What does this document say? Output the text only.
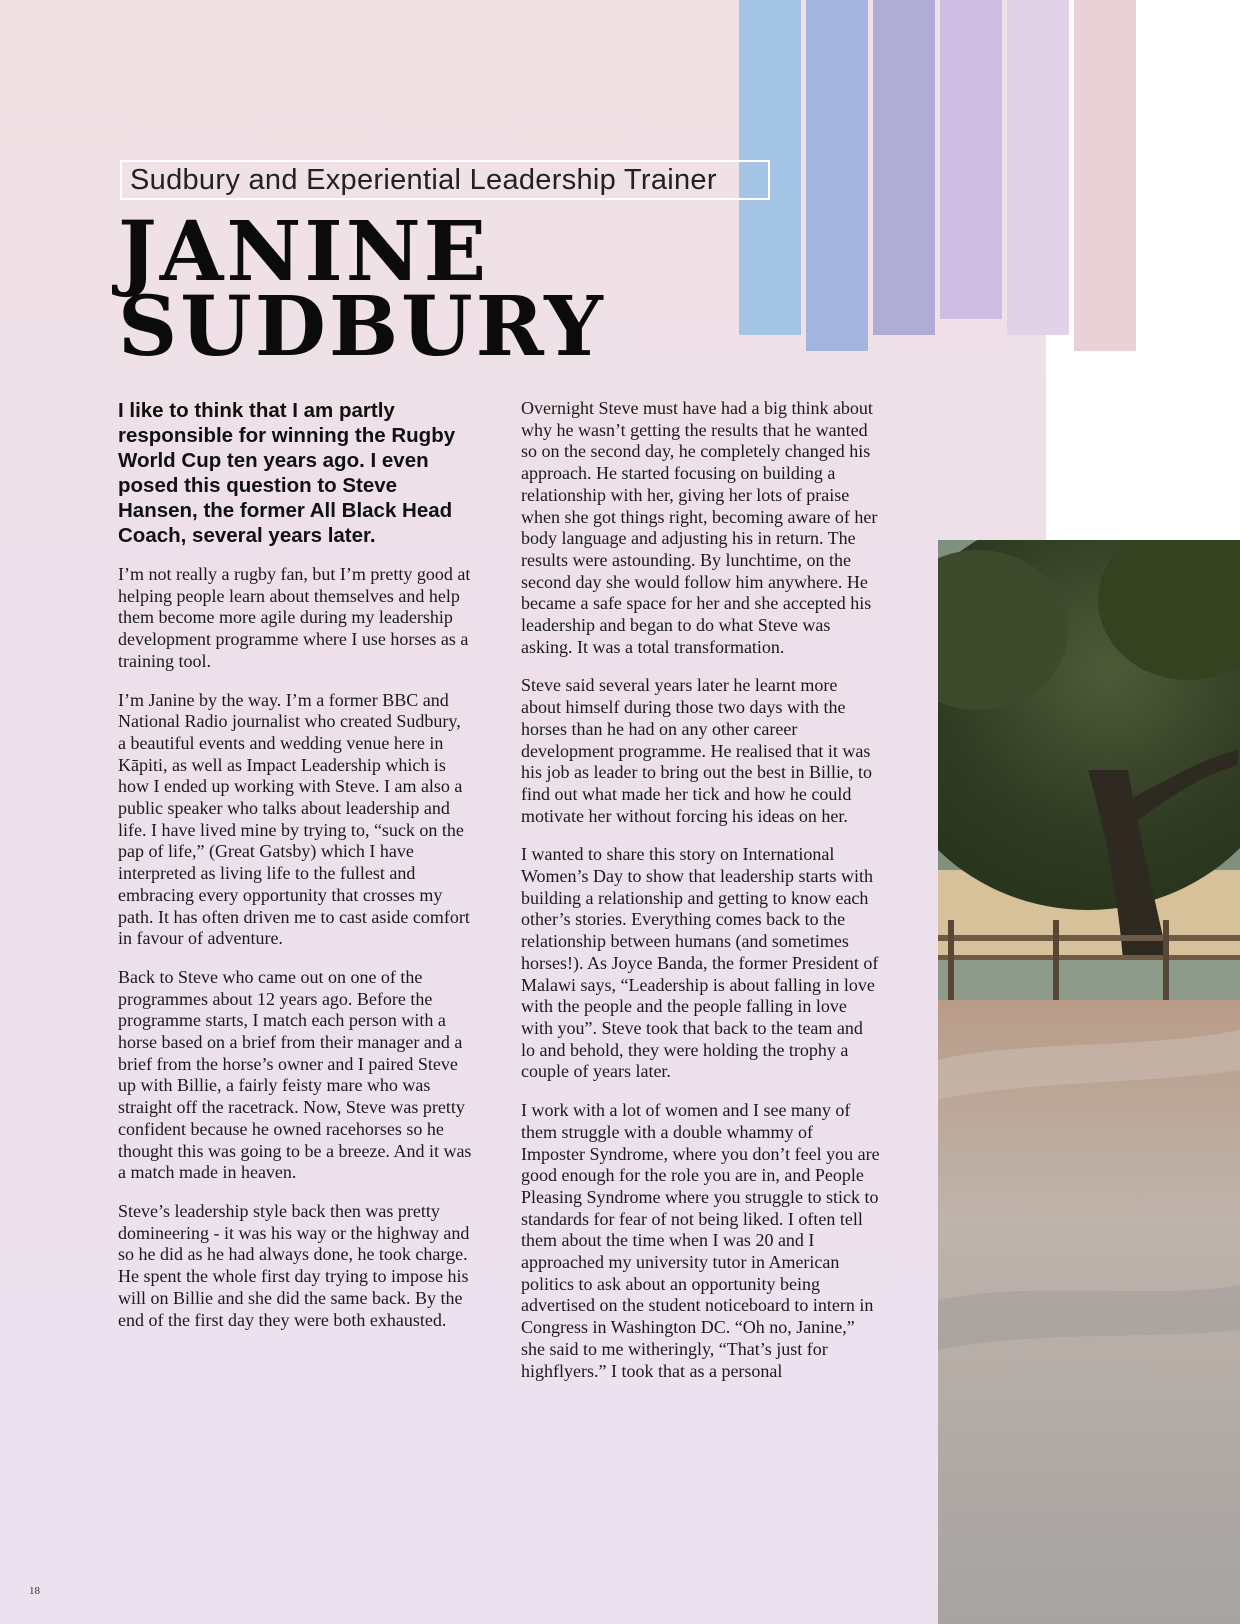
Sudbury and Experiential Leadership Trainer
JANINE
SUDBURY

I like to think that I am partly responsible for winning the Rugby World Cup ten years ago. I even posed this question to Steve Hansen, the former All Black Head Coach, several years later.

I’m not really a rugby fan, but I’m pretty good at helping people learn about themselves and help them become more agile during my leadership development programme where I use horses as a training tool.

I’m Janine by the way. I’m a former BBC and National Radio journalist who created Sudbury, a beautiful events and wedding venue here in Kāpiti, as well as Impact Leadership which is how I ended up working with Steve. I am also a public speaker who talks about leadership and life. I have lived mine by trying to, “suck on the pap of life,” (Great Gatsby) which I have interpreted as living life to the fullest and embracing every opportunity that crosses my path. It has often driven me to cast aside comfort in favour of adventure.

Back to Steve who came out on one of the programmes about 12 years ago. Before the programme starts, I match each person with a horse based on a brief from their manager and a brief from the horse’s owner and I paired Steve up with Billie, a fairly feisty mare who was straight off the racetrack. Now, Steve was pretty confident because he owned racehorses so he thought this was going to be a breeze. And it was a match made in heaven.

Steve’s leadership style back then was pretty domineering - it was his way or the highway and so he did as he had always done, he took charge. He spent the whole first day trying to impose his will on Billie and she did the same back. By the end of the first day they were both exhausted.

Overnight Steve must have had a big think about why he wasn’t getting the results that he wanted so on the second day, he completely changed his approach. He started focusing on building a relationship with her, giving her lots of praise when she got things right, becoming aware of her body language and adjusting his in return. The results were astounding. By lunchtime, on the second day she would follow him anywhere. He became a safe space for her and she accepted his leadership and began to do what Steve was asking. It was a total transformation.

Steve said several years later he learnt more about himself during those two days with the horses than he had on any other career development programme. He realised that it was his job as leader to bring out the best in Billie, to find out what made her tick and how he could motivate her without forcing his ideas on her.

I wanted to share this story on International Women’s Day to show that leadership starts with building a relationship and getting to know each other’s stories. Everything comes back to the relationship between humans (and sometimes horses!). As Joyce Banda, the former President of Malawi says, “Leadership is about falling in love with the people and the people falling in love with you”. Steve took that back to the team and lo and behold, they were holding the trophy a couple of years later.

I work with a lot of women and I see many of them struggle with a double whammy of Imposter Syndrome, where you don’t feel you are good enough for the role you are in, and People Pleasing Syndrome where you struggle to stick to standards for fear of not being liked. I often tell them about the time when I was 20 and I approached my university tutor in American politics to ask about an opportunity being advertised on the student noticeboard to intern in Congress in Washington DC. “Oh no, Janine,” she said to me witheringly, “That’s just for highflyers.” I took that as a personal

18
